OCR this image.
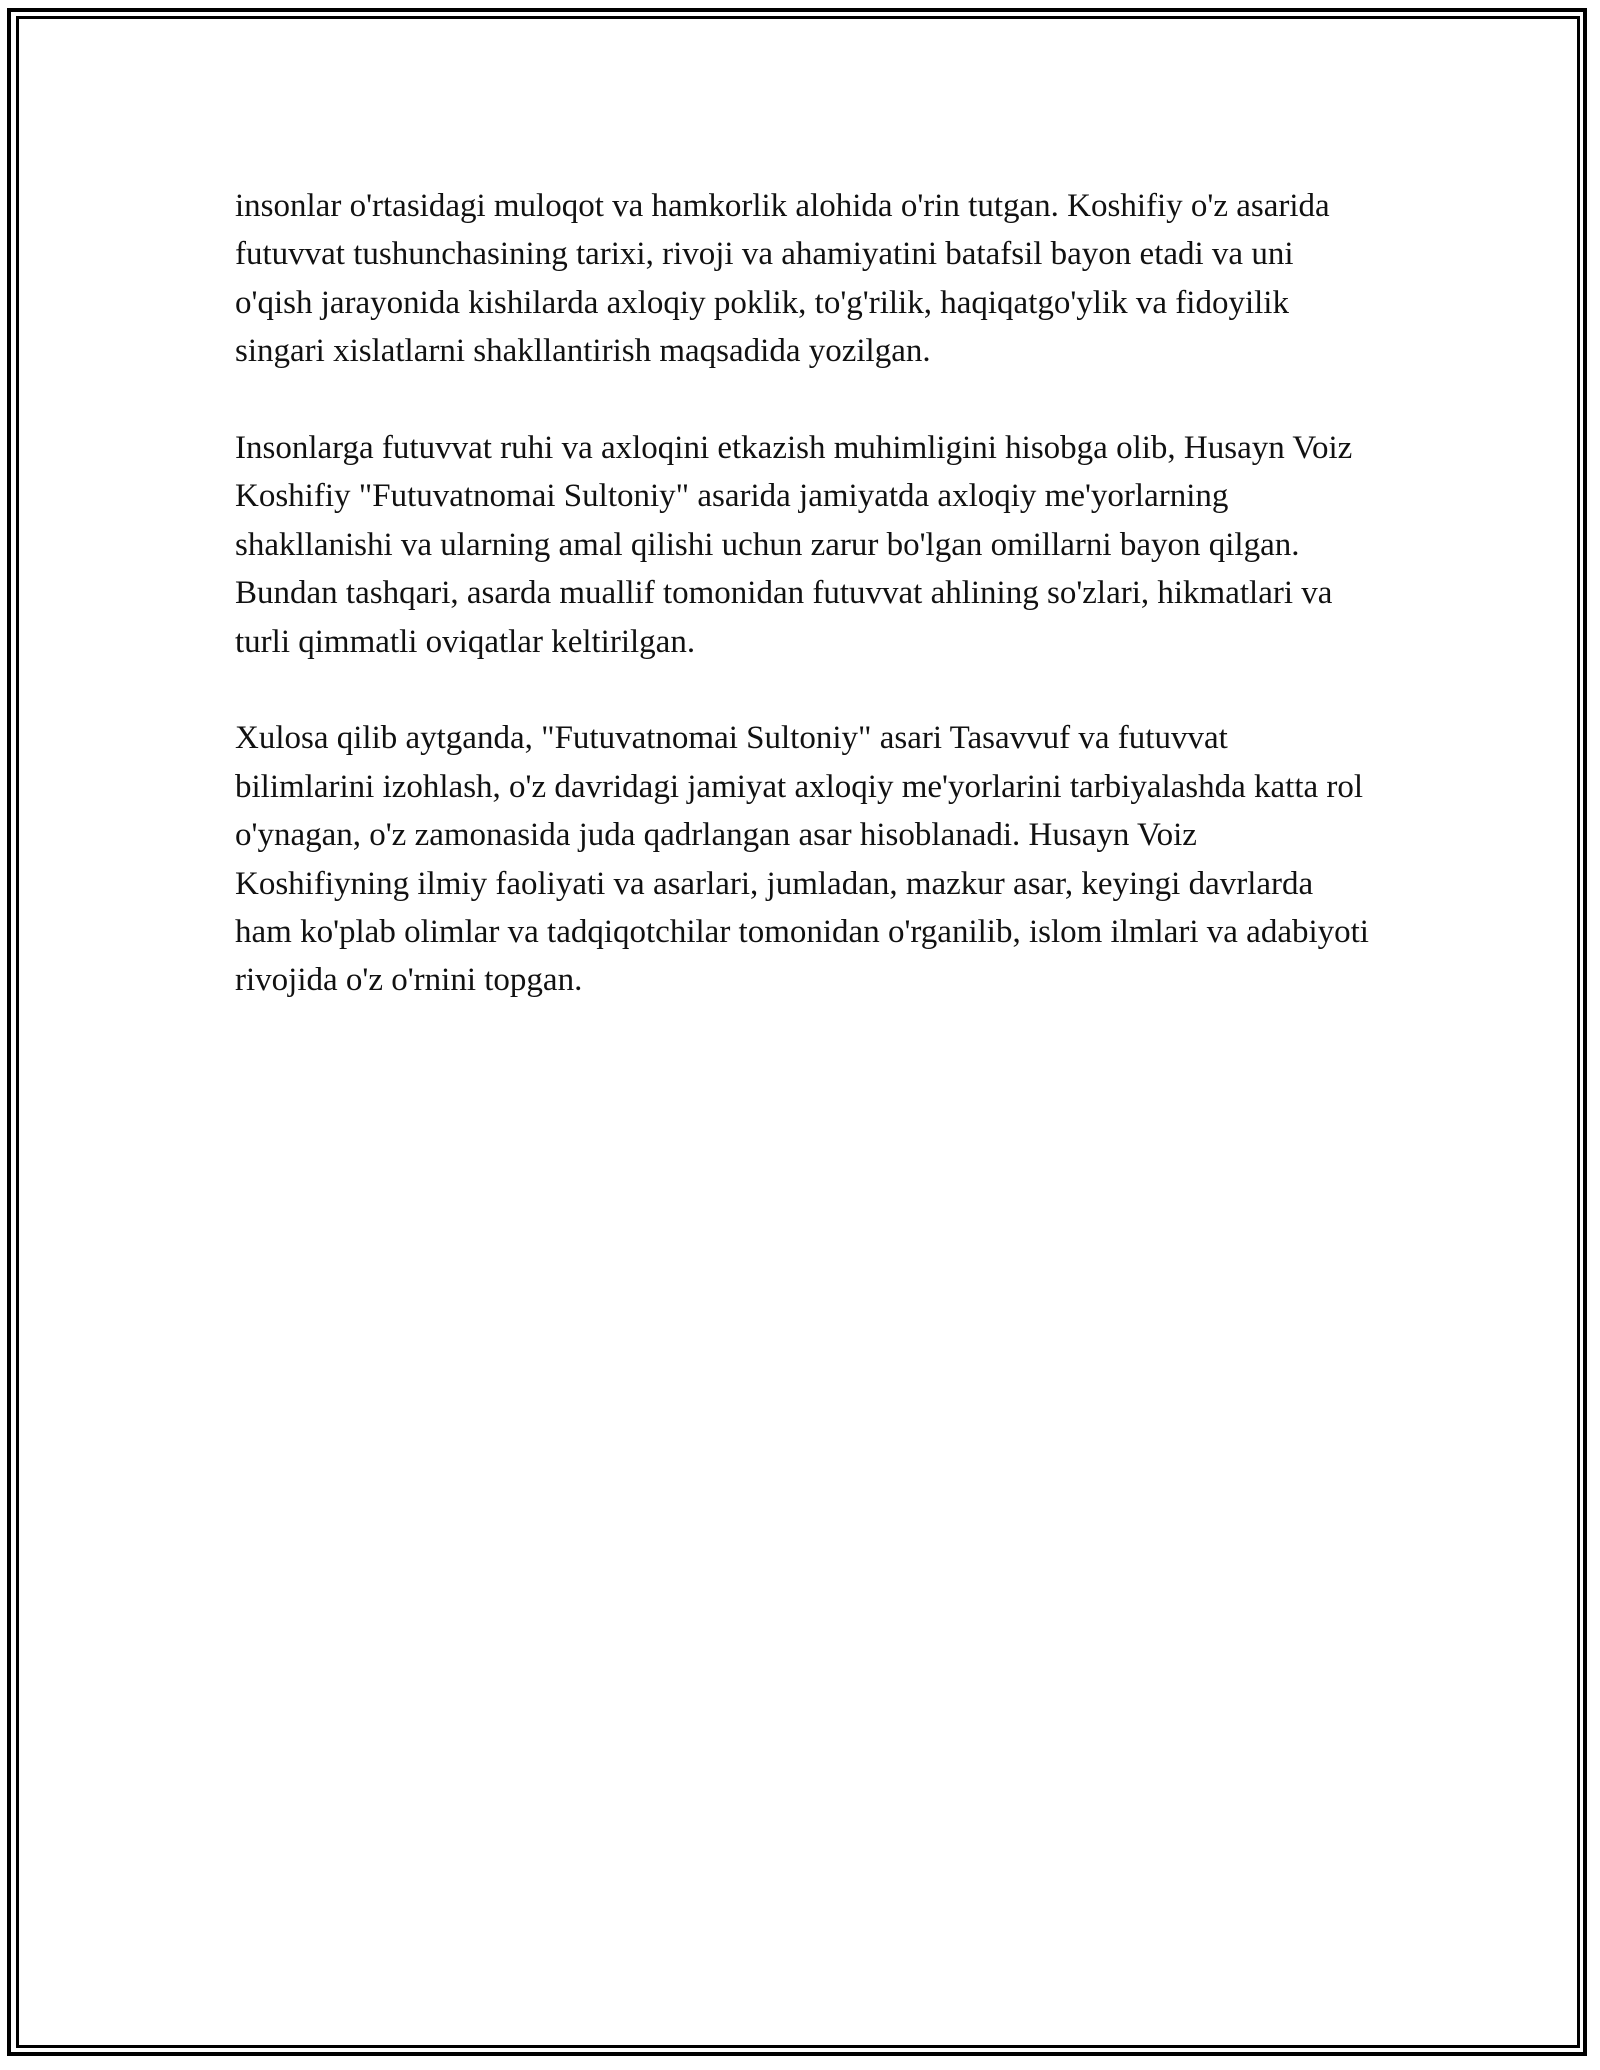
insonlar o'rtasidagi muloqot va hamkorlik alohida o'rin tutgan. Koshifiy o'z asarida futuvvat tushunchasining tarixi, rivoji va ahamiyatini batafsil bayon etadi va uni o'qish jarayonida kishilarda axloqiy poklik, to'g'rilik, haqiqatgo'ylik va fidoyilik singari xislatlarni shakllantirish maqsadida yozilgan.

Insonlarga futuvvat ruhi va axloqini etkazish muhimligini hisobga olib, Husayn Voiz Koshifiy "Futuvatnomai Sultoniy" asarida jamiyatda axloqiy me'yorlarning shakllanishi va ularning amal qilishi uchun zarur bo'lgan omillarni bayon qilgan. Bundan tashqari, asarda muallif tomonidan futuvvat ahlining so'zlari, hikmatlari va turli qimmatli oviqatlar keltirilgan.

Xulosa qilib aytganda, "Futuvatnomai Sultoniy" asari Tasavvuf va futuvvat bilimlarini izohlash, o'z davridagi jamiyat axloqiy me'yorlarini tarbiyalashda katta rol o'ynagan, o'z zamonasida juda qadrlangan asar hisoblanadi. Husayn Voiz Koshifiyning ilmiy faoliyati va asarlari, jumladan, mazkur asar, keyingi davrlarda ham ko'plab olimlar va tadqiqotchilar tomonidan o'rganilib, islom ilmlari va adabiyoti rivojida o'z o'rnini topgan.
